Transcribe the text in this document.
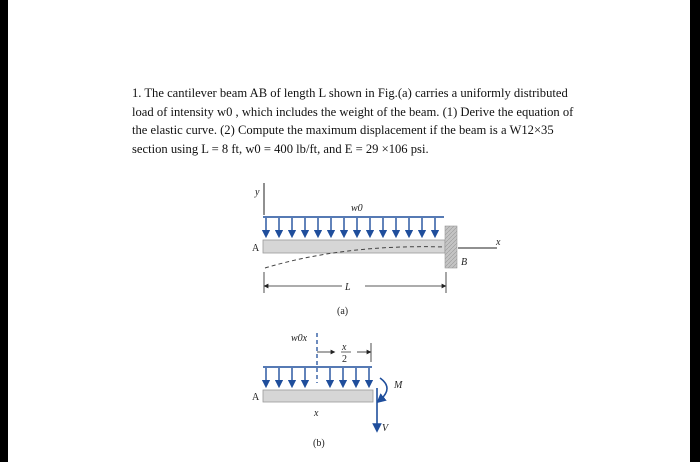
1. The cantilever beam AB of length L shown in Fig.(a) carries a uniformly distributed
load of intensity w0 , which includes the weight of the beam. (1) Derive the equation of
the elastic curve. (2) Compute the maximum displacement if the beam is a W12×35
section using L = 8 ft, w0 = 400 lb/ft, and E = 29 ×106 psi.
y
w0
x
A
B
L
(a)
w0x
x
2
A
M
V
x
(b)
